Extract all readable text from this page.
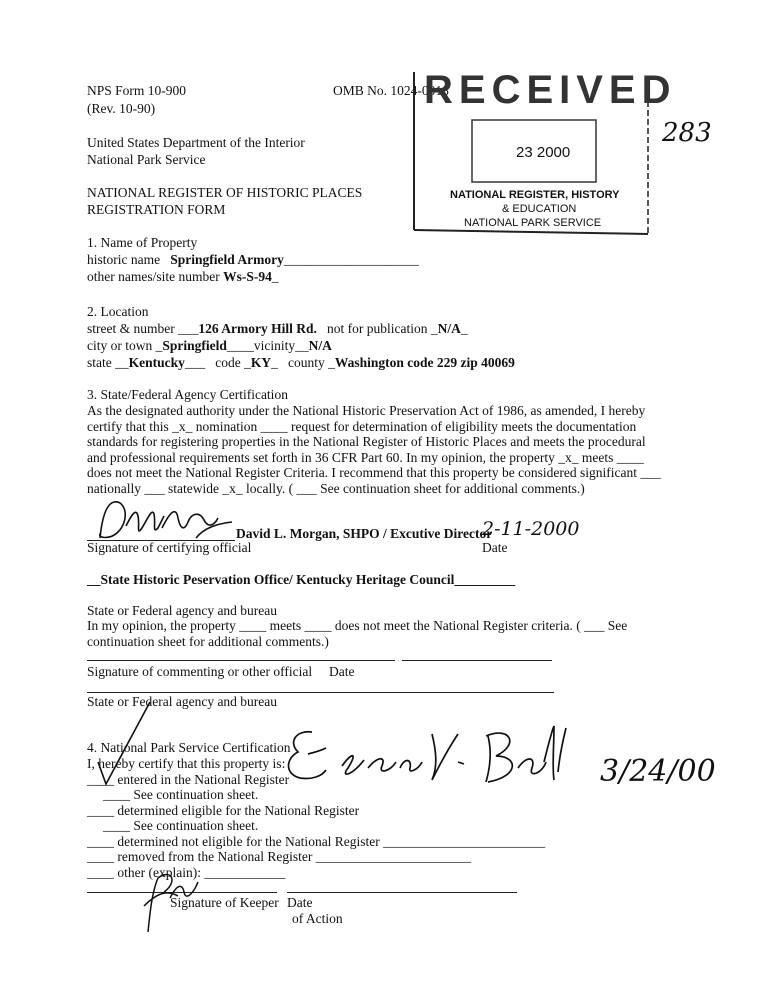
NPS Form 10-900
(Rev. 10-90)
OMB No. 1024-0018
United States Department of the Interior
National Park Service
NATIONAL REGISTER OF HISTORIC PLACES
REGISTRATION FORM
283
RECEIVED
23 2000
NATIONAL REGISTER, HISTORY
& EDUCATION
NATIONAL PARK SERVICE
1. Name of Property
historic name Springfield Armory____________________
other names/site number Ws-S-94_
2. Location
street & number ___126 Armory Hill Rd. not for publication _N/A_
city or town _Springfield____vicinity__N/A
state __Kentucky___   code _KY_   county _Washington code 229 zip 40069
3. State/Federal Agency Certification
As the designated authority under the National Historic Preservation Act of 1986, as amended, I hereby certify that this _x_ nomination ____ request for determination of eligibility meets the documentation standards for registering properties in the National Register of Historic Places and meets the procedural and professional requirements set forth in 36 CFR Part 60. In my opinion, the property _x_ meets ____ does not meet the National Register Criteria. I recommend that this property be considered significant ___ nationally ___ statewide _x_ locally. ( ___ See continuation sheet for additional comments.)
David L. Morgan, SHPO / Excutive Director
2-11-2000
Signature of certifying official	Date
__State Historic Peservation Office/ Kentucky Heritage Council_________
State or Federal agency and bureau
In my opinion, the property ____ meets ____ does not meet the National Register criteria. ( ___ See continuation sheet for additional comments.)
Signature of commenting or other official Date
State or Federal agency and bureau
4. National Park Service Certification
I, hereby certify that this property is:
____ entered in the National Register
____ See continuation sheet.
____ determined eligible for the National Register
____ See continuation sheet.
____ determined not eligible for the National Register ________________________
____ removed from the National Register _______________________
____ other (explain): ____________
Signature of Keeper Date
of Action
3/24/00
